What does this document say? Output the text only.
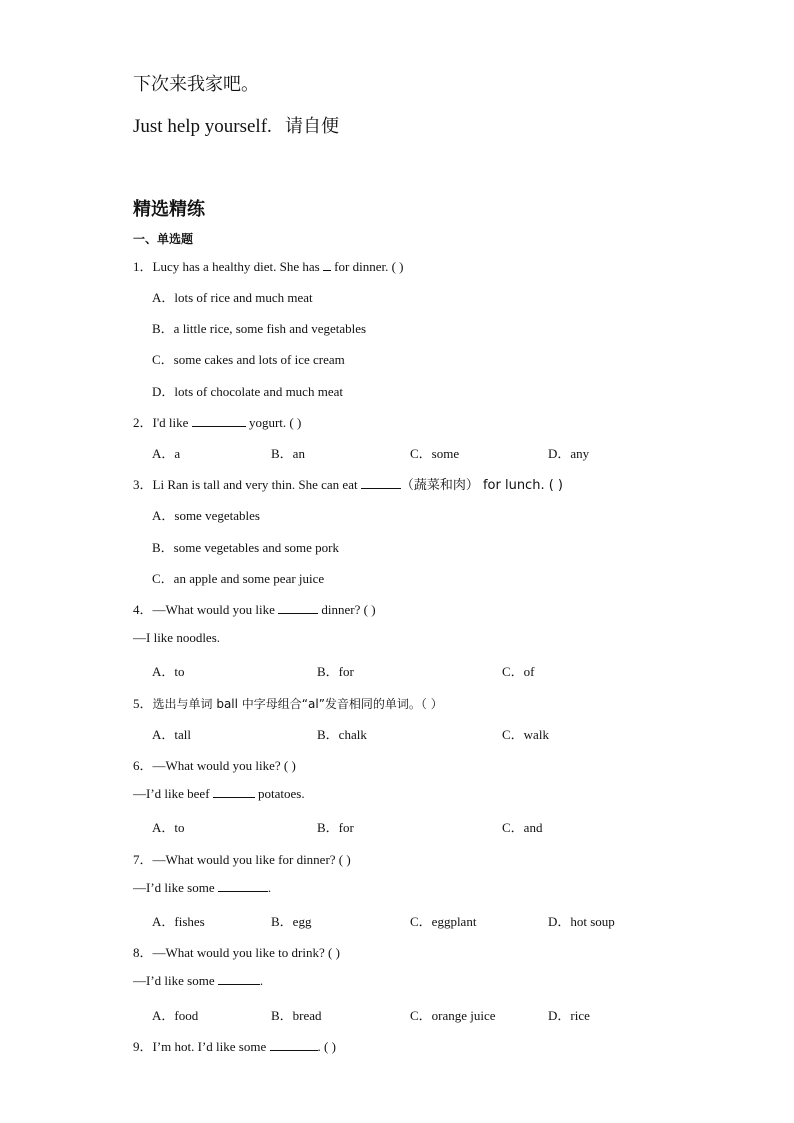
下次来我家吧。
Just help yourself. 请自便
精选精练
一、单选题
1．Lucy has a healthy diet. She has  for dinner. ( )
A．lots of rice and much meat
B．a little rice, some fish and vegetables
C．some cakes and lots of ice cream
D．lots of chocolate and much meat
2．I'd like	yogurt. ( )
A．a	B．an	C．some	D．any
3．Li Ran is tall and very thin. She can eat	（蔬菜和肉） for lunch. ( )
A．some vegetables
B．some vegetables and some pork
C．an apple and some pear juice
4．—What would you like	dinner? ( )
—I like noodles.
A．to	B．for	C．of
5．选出与单词 ball 中字母组合“al”发音相同的单词。（ ）
A．tall	B．chalk	C．walk
6．—What would you like? ( )
—I’d like beef	potatoes.
A．to	B．for	C．and
7．—What would you like for dinner? ( )
—I’d like some	.
A．fishes	B．egg	C．eggplant	D．hot soup
8．—What would you like to drink? ( )
—I’d like some	.
A．food	B．bread	C．orange juice	D．rice
9．I’m hot. I’d like some	. ( )
